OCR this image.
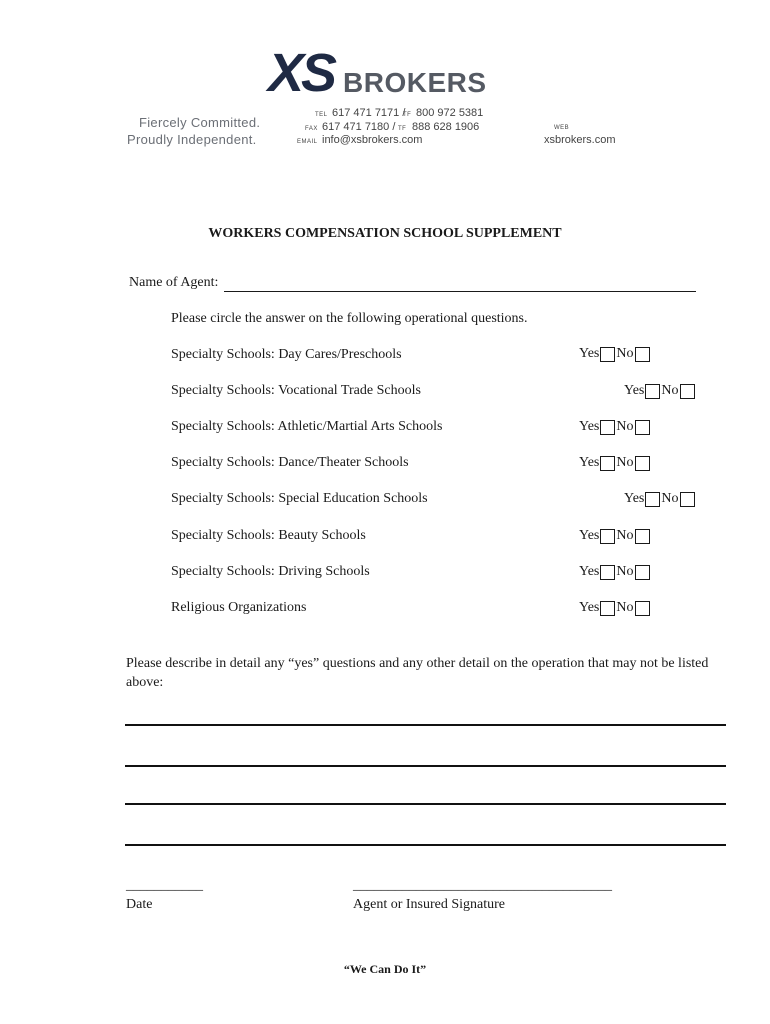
XS BROKERS
Fiercely Committed.
Proudly Independent.
TEL 617 471 7171 /
TF 800 972 5381
FAX 617 471 7180 / TF 888 628 1906
EMAIL info@xsbrokers.com
WEB
xsbrokers.com
WORKERS COMPENSATION SCHOOL SUPPLEMENT
Name of Agent:
Please circle the answer on the following operational questions.
Specialty Schools: Day Cares/Preschools	Yes No
Specialty Schools: Vocational Trade Schools	Yes No
Specialty Schools: Athletic/Martial Arts Schools	Yes No
Specialty Schools: Dance/Theater Schools	Yes No
Specialty Schools: Special Education Schools	Yes No
Specialty Schools: Beauty Schools	Yes No
Specialty Schools: Driving Schools	Yes No
Religious Organizations	Yes No
Please describe in detail any “yes” questions and any other detail on the operation that may not be listed above:
___________
Date
_____________________________________
Agent or Insured Signature
“We Can Do It”
